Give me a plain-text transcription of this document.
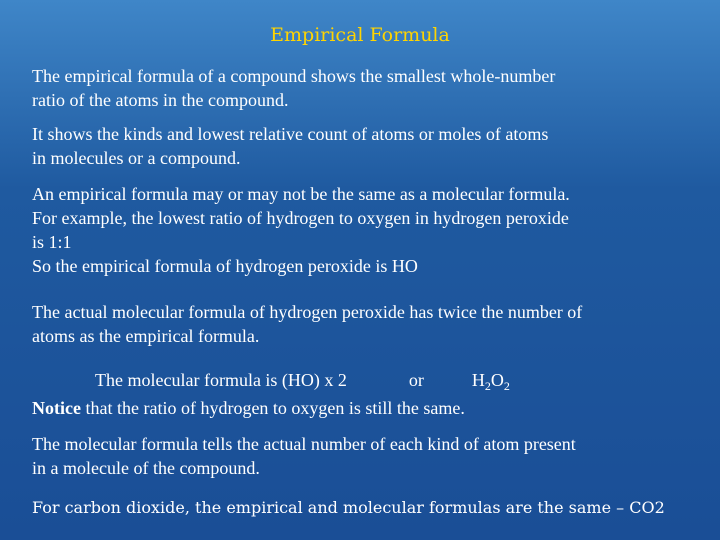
Empirical Formula
The empirical formula of a compound shows the smallest whole-number
ratio of the atoms in the compound.
It shows the kinds and lowest relative count of atoms or moles of atoms
in molecules or a compound.
An empirical formula may or may not be the same as a molecular formula.
For example, the lowest ratio of hydrogen to oxygen in hydrogen peroxide
is 1:1
So the empirical formula of hydrogen peroxide is HO
The actual molecular formula of hydrogen peroxide has twice the number of
atoms as the empirical formula.
The molecular formula is (HO) x 2	or	$H_2O_2$
Notice that the ratio of hydrogen to oxygen is still the same.
The molecular formula tells the actual number of each kind of atom present
in a molecule of the compound.
For carbon dioxide, the empirical and molecular formulas are the same – CO2
